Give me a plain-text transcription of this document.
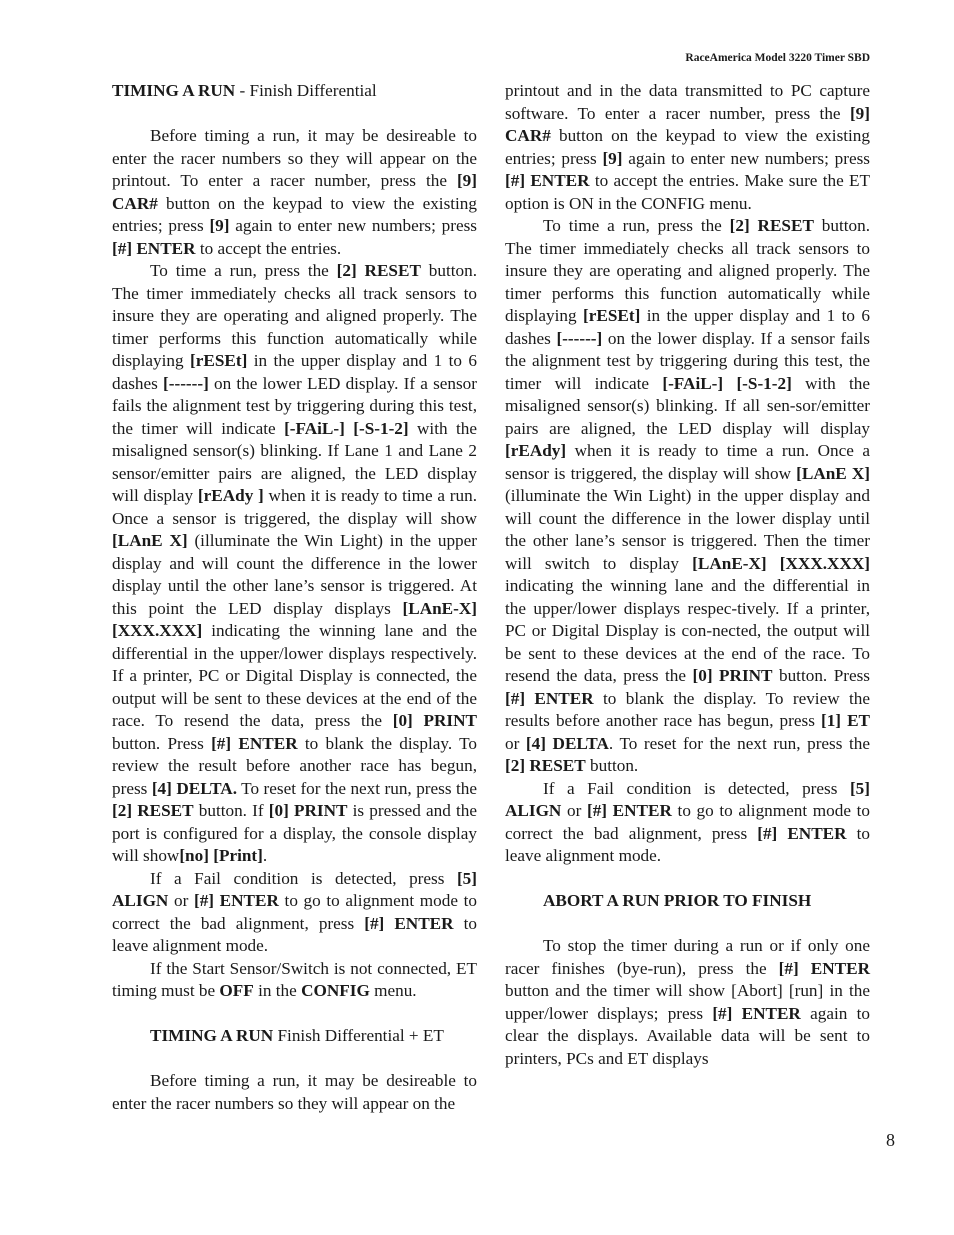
RaceAmerica Model 3220 Timer SBD

TIMING A RUN - Finish Differential

Before timing a run, it may be desireable to enter the racer numbers so they will appear on the printout. To enter a racer number, press the [9] CAR# button on the keypad to view the existing entries; press [9] again to enter new numbers; press [#] ENTER to accept the entries.

To time a run, press the [2] RESET button. The timer immediately checks all track sensors to insure they are operating and aligned properly. The timer performs this function automatically while displaying [rESEt] in the upper display and 1 to 6 dashes [------] on the lower LED display. If a sensor fails the alignment test by triggering during this test, the timer will indicate [-FAiL-] [-S-1-2] with the misaligned sensor(s) blinking. If Lane 1 and Lane 2 sensor/emitter pairs are aligned, the LED display will display [rEAdy ] when it is ready to time a run. Once a sensor is triggered, the display will show [LAnE X] (illuminate the Win Light) in the upper display and will count the difference in the lower display until the other lane’s sensor is triggered. At this point the LED display displays [LAnE-X] [XXX.XXX] indicating the winning lane and the differential in the upper/lower displays respectively. If a printer, PC or Digital Display is connected, the output will be sent to these devices at the end of the race. To resend the data, press the [0] PRINT button. Press [#] ENTER to blank the display. To review the result before another race has begun, press [4] DELTA. To reset for the next run, press the [2] RESET button. If [0] PRINT is pressed and the port is configured for a display, the console display will show[no] [Print].

If a Fail condition is detected, press [5] ALIGN or [#] ENTER to go to alignment mode to correct the bad alignment, press [#] ENTER to leave alignment mode.

If the Start Sensor/Switch is not connected, ET timing must be OFF in the CONFIG menu.

TIMING A RUN Finish Differential + ET

Before timing a run, it may be desireable to enter the racer numbers so they will appear on the

printout and in the data transmitted to PC capture software. To enter a racer number, press the [9] CAR# button on the keypad to view the existing entries; press [9] again to enter new numbers; press [#] ENTER to accept the entries. Make sure the ET option is ON in the CONFIG menu.

To time a run, press the [2] RESET button. The timer immediately checks all track sensors to insure they are operating and aligned properly. The timer performs this function automatically while displaying [rESEt] in the upper display and 1 to 6 dashes [------] on the lower display. If a sensor fails the alignment test by triggering during this test, the timer will indicate [-FAiL-] [-S-1-2] with the misaligned sensor(s) blinking. If all sen-sor/emitter pairs are aligned, the LED display will display [rEAdy] when it is ready to time a run. Once a sensor is triggered, the display will show [LAnE X] (illuminate the Win Light) in the upper display and will count the difference in the lower display until the other lane’s sensor is triggered. Then the timer will switch to display [LAnE-X] [XXX.XXX] indicating the winning lane and the differential in the upper/lower displays respec-tively. If a printer, PC or Digital Display is con-nected, the output will be sent to these devices at the end of the race. To resend the data, press the [0] PRINT button. Press [#] ENTER to blank the display. To review the results before another race has begun, press [1] ET or [4] DELTA. To reset for the next run, press the [2] RESET button.

If a Fail condition is detected, press [5] ALIGN or [#] ENTER to go to alignment mode to correct the bad alignment, press [#] ENTER to leave alignment mode.

ABORT A RUN PRIOR TO FINISH

To stop the timer during a run or if only one racer finishes (bye-run), press the [#] ENTER button and the timer will show [Abort] [run] in the upper/lower displays; press [#] ENTER again to clear the displays. Available data will be sent to printers, PCs and ET displays

8
